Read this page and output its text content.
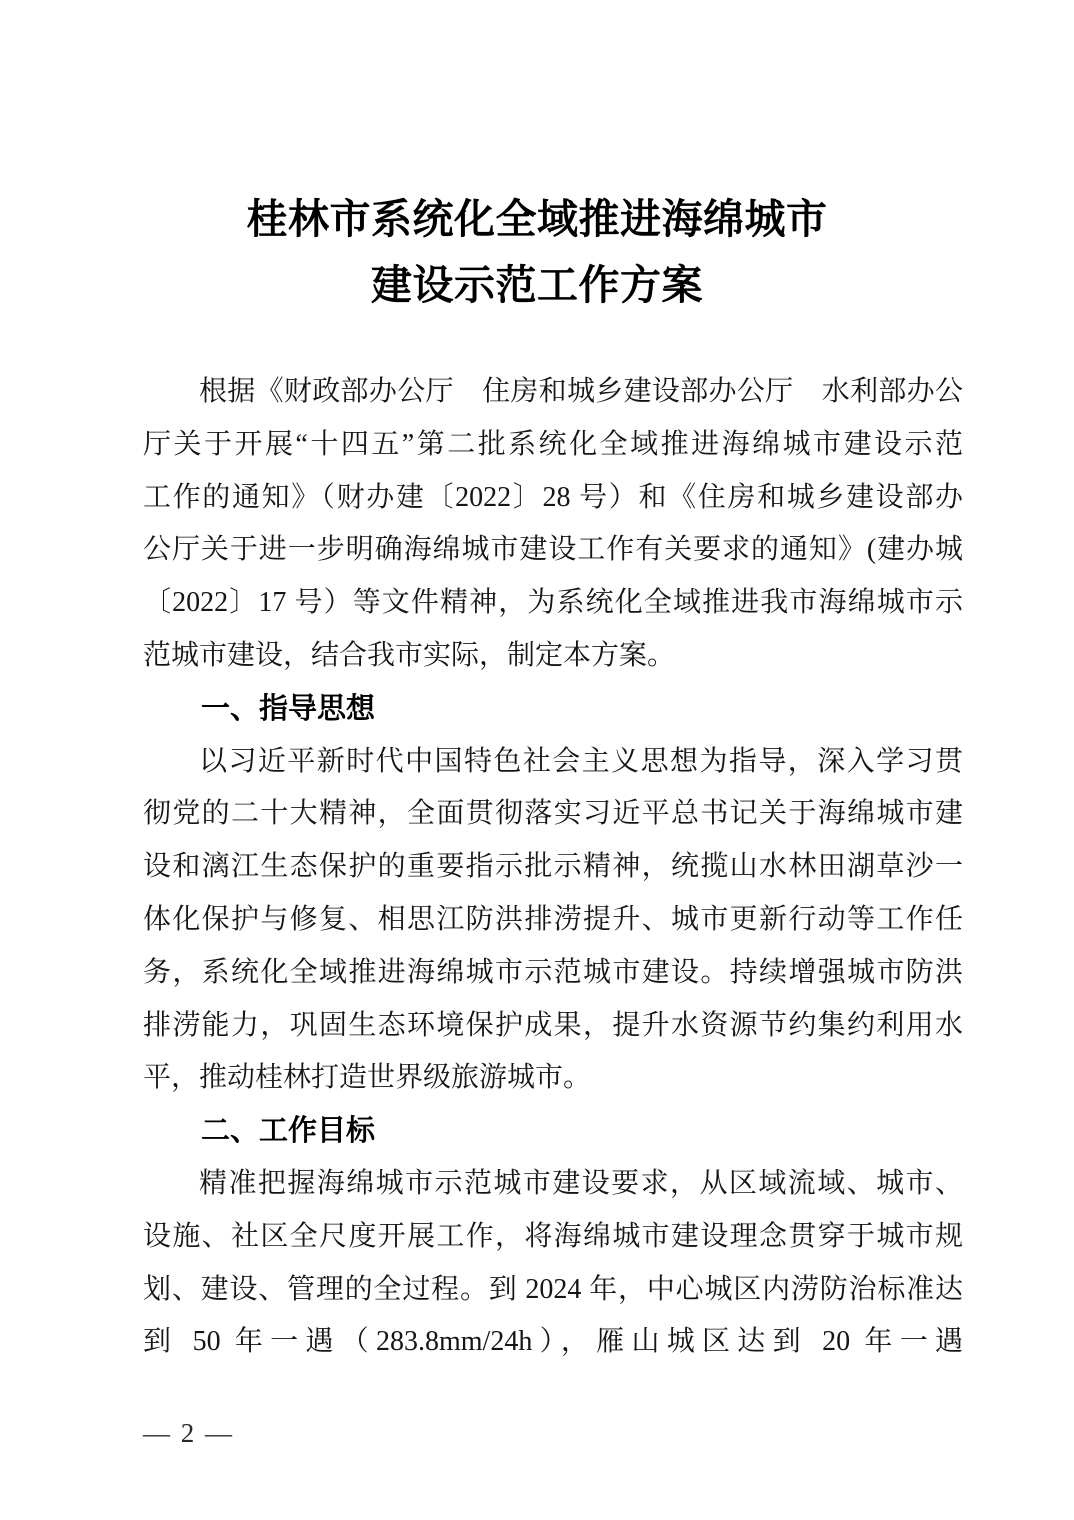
桂林市系统化全域推进海绵城市
建设示范工作方案
根据《财政部办公厅　住房和城乡建设部办公厅　水利部办公
厅关于开展“十四五”第二批系统化全域推进海绵城市建设示范
工作的通知》（财办建〔2022〕28 号）和《住房和城乡建设部办
公厅关于进一步明确海绵城市建设工作有关要求的通知》(建办城
〔2022〕17 号）等文件精神，为系统化全域推进我市海绵城市示
范城市建设，结合我市实际，制定本方案。
一、指导思想
以习近平新时代中国特色社会主义思想为指导，深入学习贯
彻党的二十大精神，全面贯彻落实习近平总书记关于海绵城市建
设和漓江生态保护的重要指示批示精神，统揽山水林田湖草沙一
体化保护与修复、相思江防洪排涝提升、城市更新行动等工作任
务，系统化全域推进海绵城市示范城市建设。持续增强城市防洪
排涝能力，巩固生态环境保护成果，提升水资源节约集约利用水
平，推动桂林打造世界级旅游城市。
二、工作目标
精准把握海绵城市示范城市建设要求，从区域流域、城市、
设施、社区全尺度开展工作，将海绵城市建设理念贯穿于城市规
划、建设、管理的全过程。到 2024 年，中心城区内涝防治标准达
到 50 年一遇（283.8mm/24h），雁山城区达到 20 年一遇
— 2 —
